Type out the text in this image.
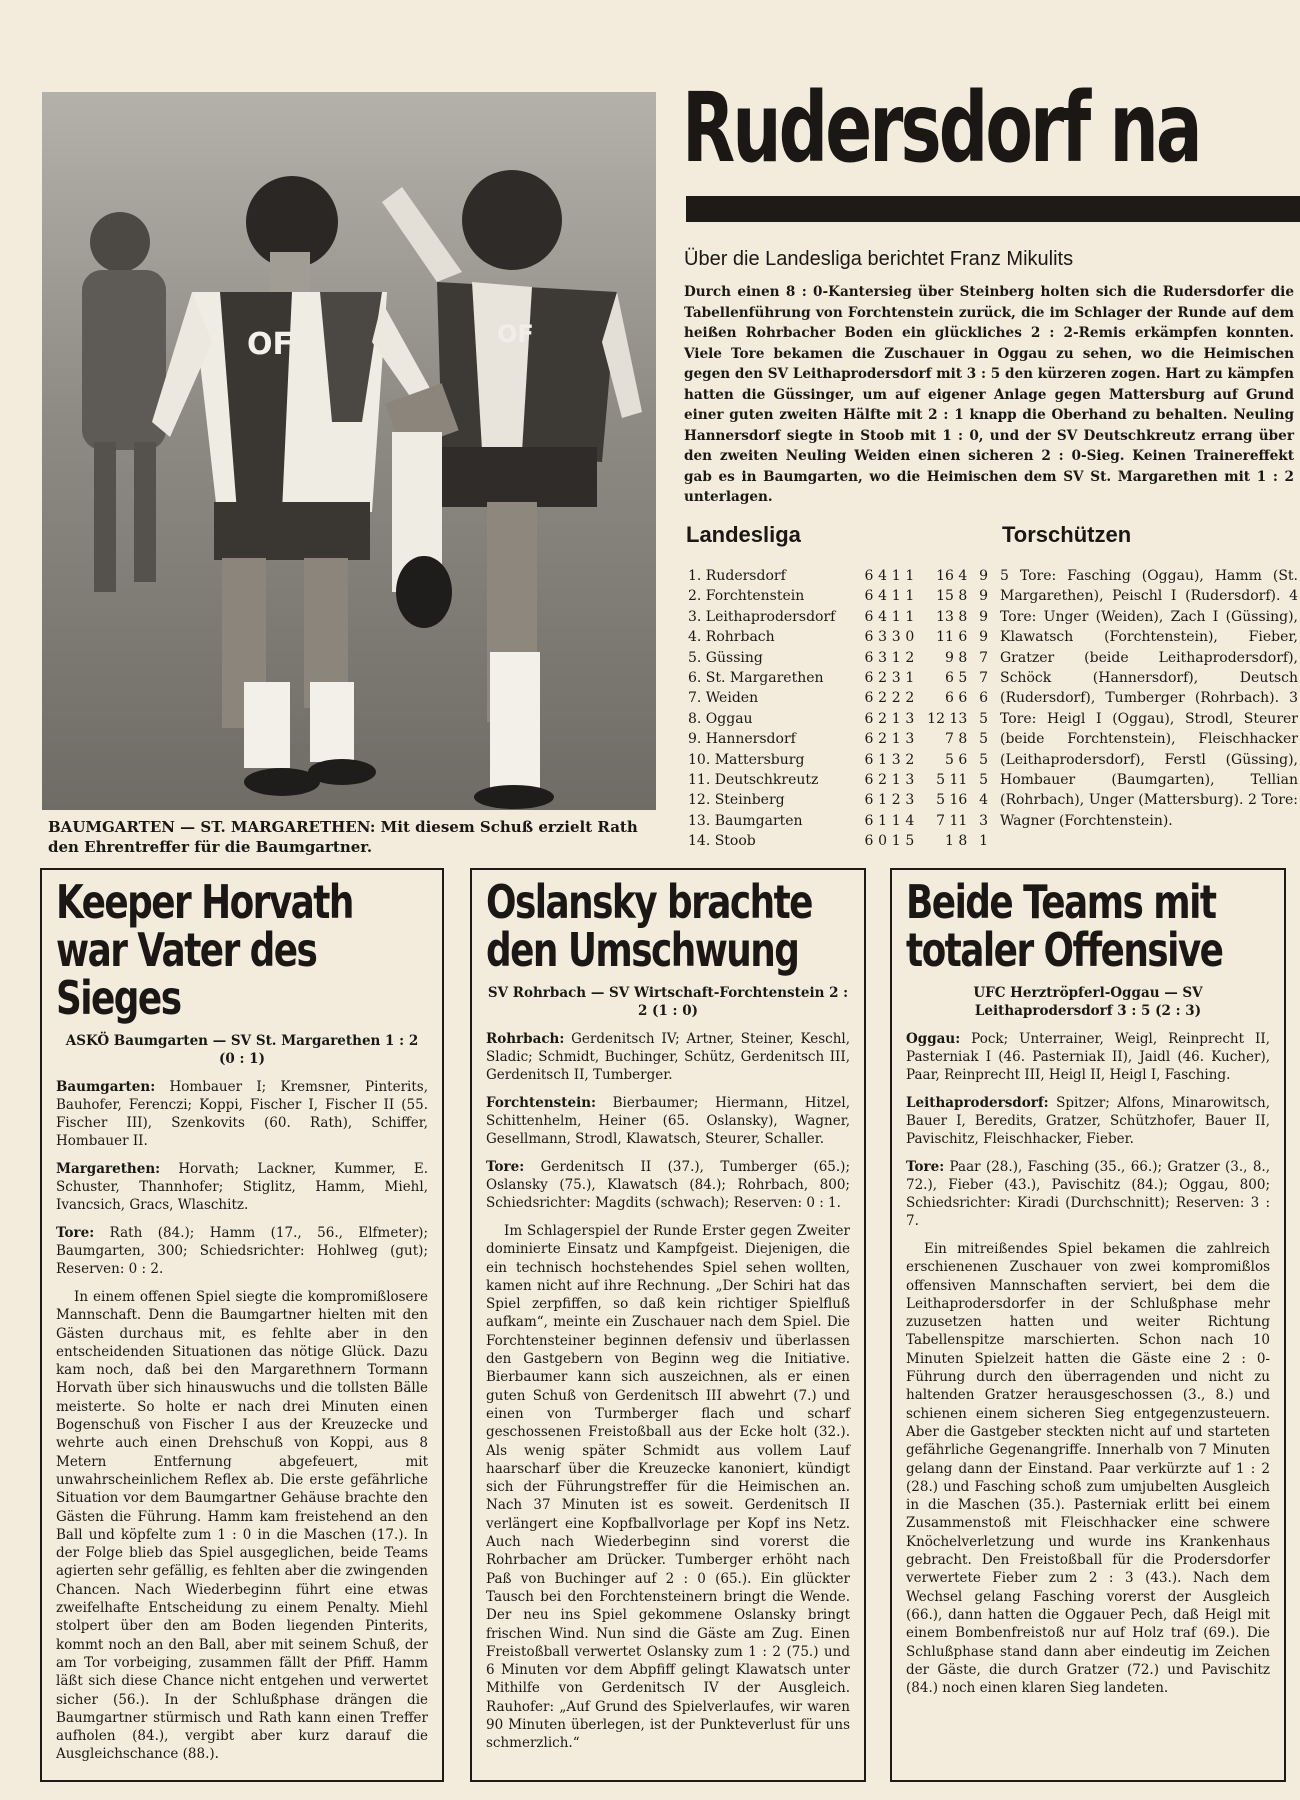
OF	OF
BAUMGARTEN — ST. MARGARETHEN: Mit diesem Schuß erzielt Rath den Ehrentreffer für die Baumgartner.
Rudersdorf na
Über die Landesliga berichtet Franz Mikulits
Durch einen 8 : 0-Kantersieg über Steinberg holten sich die Rudersdorfer die Tabellenführung von Forchtenstein zurück, die im Schlager der Runde auf dem heißen Rohrbacher Boden ein glückliches 2 : 2-Remis erkämpfen konnten. Viele Tore bekamen die Zuschauer in Oggau zu sehen, wo die Heimischen gegen den SV Leithaprodersdorf mit 3 : 5 den kürzeren zogen. Hart zu kämpfen hatten die Güssinger, um auf eigener Anlage gegen Mattersburg auf Grund einer guten zweiten Hälfte mit 2 : 1 knapp die Oberhand zu behalten. Neuling Hannersdorf siegte in Stoob mit 1 : 0, und der SV Deutschkreutz errang über den zweiten Neuling Weiden einen sicheren 2 : 0-Sieg. Keinen Trainereffekt gab es in Baumgarten, wo die Heimischen dem SV St. Margarethen mit 1 : 2 unterlagen.
Landesliga
1. Rudersdorf	6	4	1	1	16 4	9
2. Forchtenstein	6	4	1	1	15 8	9
3. Leithaprodersdorf	6	4	1	1	13 8	9
4. Rohrbach	6	3	3	0	11 6	9
5. Güssing	6	3	1	2	9 8	7
6. St. Margarethen	6	2	3	1	6 5	7
7. Weiden	6	2	2	2	6 6	6
8. Oggau	6	2	1	3	12 13	5
9. Hannersdorf	6	2	1	3	7 8	5
10. Mattersburg	6	1	3	2	5 6	5
11. Deutschkreutz	6	2	1	3	5 11	5
12. Steinberg	6	1	2	3	5 16	4
13. Baumgarten	6	1	1	4	7 11	3
14. Stoob	6	0	1	5	1 8	1
Torschützen
5 Tore: Fasching (Oggau), Hamm (St. Margarethen), Peischl I (Rudersdorf). 4 Tore: Unger (Weiden), Zach I (Güssing), Klawatsch (Forchtenstein), Fieber, Gratzer (beide Leithaprodersdorf), Schöck (Hannersdorf), Deutsch (Rudersdorf), Tumberger (Rohrbach). 3 Tore: Heigl I (Oggau), Strodl, Steurer (beide Forchtenstein), Fleischhacker (Leithaprodersdorf), Ferstl (Güssing), Hombauer (Baumgarten), Tellian (Rohrbach), Unger (Mattersburg). 2 Tore: Wagner (Forchtenstein).
Keeper Horvath war Vater des Sieges
ASKÖ Baumgarten — SV St. Margarethen 1 : 2 (0 : 1)

Baumgarten: Hombauer I; Kremsner, Pinterits, Bauhofer, Ferenczi; Koppi, Fischer I, Fischer II (55. Fischer III), Szenkovits (60. Rath), Schiffer, Hombauer II.

Margarethen: Horvath; Lackner, Kummer, E. Schuster, Thannhofer; Stiglitz, Hamm, Miehl, Ivancsich, Gracs, Wlaschitz.

Tore: Rath (84.); Hamm (17., 56., Elfmeter); Baumgarten, 300; Schiedsrichter: Hohlweg (gut); Reserven: 0 : 2.

In einem offenen Spiel siegte die kompromißlosere Mannschaft. Denn die Baumgartner hielten mit den Gästen durchaus mit, es fehlte aber in den entscheidenden Situationen das nötige Glück. Dazu kam noch, daß bei den Margarethnern Tormann Horvath über sich hinauswuchs und die tollsten Bälle meisterte. So holte er nach drei Minuten einen Bogenschuß von Fischer I aus der Kreuzecke und wehrte auch einen Drehschuß von Koppi, aus 8 Metern Entfernung abgefeuert, mit unwahrscheinlichem Reflex ab. Die erste gefährliche Situation vor dem Baumgartner Gehäuse brachte den Gästen die Führung. Hamm kam freistehend an den Ball und köpfelte zum 1 : 0 in die Maschen (17.). In der Folge blieb das Spiel ausgeglichen, beide Teams agierten sehr gefällig, es fehlten aber die zwingenden Chancen. Nach Wiederbeginn führt eine etwas zweifelhafte Entscheidung zu einem Penalty. Miehl stolpert über den am Boden liegenden Pinterits, kommt noch an den Ball, aber mit seinem Schuß, der am Tor vorbeiging, zusammen fällt der Pfiff. Hamm läßt sich diese Chance nicht entgehen und verwertet sicher (56.). In der Schlußphase drängen die Baumgartner stürmisch und Rath kann einen Treffer aufholen (84.), vergibt aber kurz darauf die Ausgleichschance (88.).

Oslansky brachte den Umschwung
SV Rohrbach — SV Wirtschaft-Forchtenstein 2 : 2 (1 : 0)

Rohrbach: Gerdenitsch IV; Artner, Steiner, Keschl, Sladic; Schmidt, Buchinger, Schütz, Gerdenitsch III, Gerdenitsch II, Tumberger.

Forchtenstein: Bierbaumer; Hiermann, Hitzel, Schittenhelm, Heiner (65. Oslansky), Wagner, Gesellmann, Strodl, Klawatsch, Steurer, Schaller.

Tore: Gerdenitsch II (37.), Tumberger (65.); Oslansky (75.), Klawatsch (84.); Rohrbach, 800; Schiedsrichter: Magdits (schwach); Reserven: 0 : 1.

Im Schlagerspiel der Runde Erster gegen Zweiter dominierte Einsatz und Kampfgeist. Diejenigen, die ein technisch hochstehendes Spiel sehen wollten, kamen nicht auf ihre Rechnung. „Der Schiri hat das Spiel zerpfiffen, so daß kein richtiger Spielfluß aufkam“, meinte ein Zuschauer nach dem Spiel. Die Forchtensteiner beginnen defensiv und überlassen den Gastgebern von Beginn weg die Initiative. Bierbaumer kann sich auszeichnen, als er einen guten Schuß von Gerdenitsch III abwehrt (7.) und einen von Turmberger flach und scharf geschossenen Freistoßball aus der Ecke holt (32.). Als wenig später Schmidt aus vollem Lauf haarscharf über die Kreuzecke kanoniert, kündigt sich der Führungstreffer für die Heimischen an. Nach 37 Minuten ist es soweit. Gerdenitsch II verlängert eine Kopfballvorlage per Kopf ins Netz. Auch nach Wiederbeginn sind vorerst die Rohrbacher am Drücker. Tumberger erhöht nach Paß von Buchinger auf 2 : 0 (65.). Ein glückter Tausch bei den Forchtensteinern bringt die Wende. Der neu ins Spiel gekommene Oslansky bringt frischen Wind. Nun sind die Gäste am Zug. Einen Freistoßball verwertet Oslansky zum 1 : 2 (75.) und 6 Minuten vor dem Abpfiff gelingt Klawatsch unter Mithilfe von Gerdenitsch IV der Ausgleich. Rauhofer: „Auf Grund des Spielverlaufes, wir waren 90 Minuten überlegen, ist der Punkteverlust für uns schmerzlich.“

Beide Teams mit totaler Offensive
UFC Herztröpferl-Oggau — SV Leithaprodersdorf 3 : 5 (2 : 3)

Oggau: Pock; Unterrainer, Weigl, Reinprecht II, Pasterniak I (46. Pasterniak II), Jaidl (46. Kucher), Paar, Reinprecht III, Heigl II, Heigl I, Fasching.

Leithaprodersdorf: Spitzer; Alfons, Minarowitsch, Bauer I, Beredits, Gratzer, Schützhofer, Bauer II, Pavischitz, Fleischhacker, Fieber.

Tore: Paar (28.), Fasching (35., 66.); Gratzer (3., 8., 72.), Fieber (43.), Pavischitz (84.); Oggau, 800; Schiedsrichter: Kiradi (Durchschnitt); Reserven: 3 : 7.

Ein mitreißendes Spiel bekamen die zahlreich erschienenen Zuschauer von zwei kompromißlos offensiven Mannschaften serviert, bei dem die Leithaprodersdorfer in der Schlußphase mehr zuzusetzen hatten und weiter Richtung Tabellenspitze marschierten. Schon nach 10 Minuten Spielzeit hatten die Gäste eine 2 : 0-Führung durch den überragenden und nicht zu haltenden Gratzer herausgeschossen (3., 8.) und schienen einem sicheren Sieg entgegenzusteuern. Aber die Gastgeber steckten nicht auf und starteten gefährliche Gegenangriffe. Innerhalb von 7 Minuten gelang dann der Einstand. Paar verkürzte auf 1 : 2 (28.) und Fasching schoß zum umjubelten Ausgleich in die Maschen (35.). Pasterniak erlitt bei einem Zusammenstoß mit Fleischhacker eine schwere Knöchelverletzung und wurde ins Krankenhaus gebracht. Den Freistoßball für die Prodersdorfer verwertete Fieber zum 2 : 3 (43.). Nach dem Wechsel gelang Fasching vorerst der Ausgleich (66.), dann hatten die Oggauer Pech, daß Heigl mit einem Bombenfreistoß nur auf Holz traf (69.). Die Schlußphase stand dann aber eindeutig im Zeichen der Gäste, die durch Gratzer (72.) und Pavischitz (84.) noch einen klaren Sieg landeten.
